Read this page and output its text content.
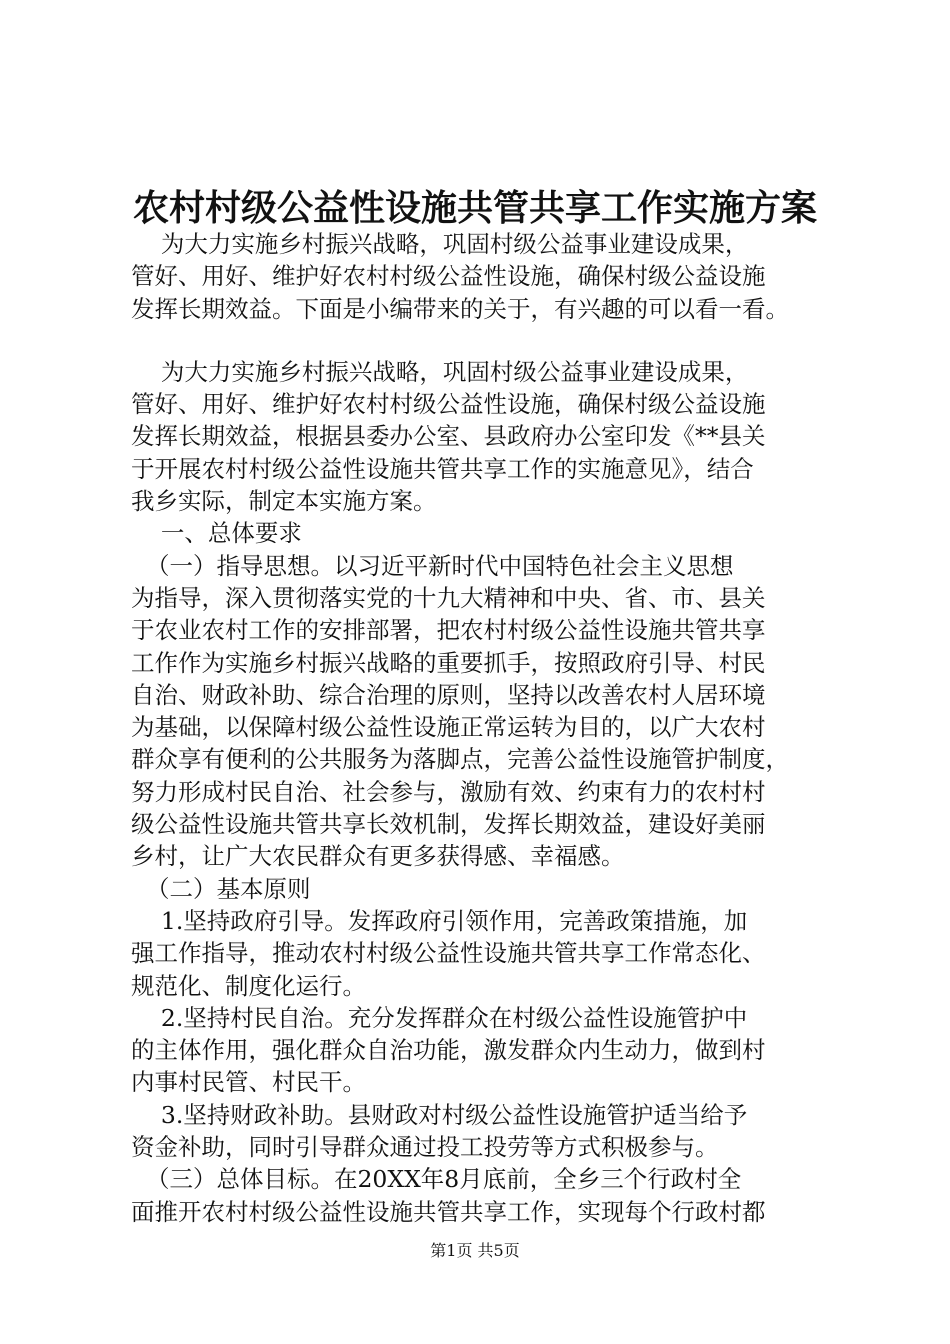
农村村级公益性设施共管共享工作实施方案
为大力实施乡村振兴战略，巩固村级公益事业建设成果，
管好、用好、维护好农村村级公益性设施，确保村级公益设施
发挥长期效益。下面是小编带来的关于，有兴趣的可以看一看。
为大力实施乡村振兴战略，巩固村级公益事业建设成果，
管好、用好、维护好农村村级公益性设施，确保村级公益设施
发挥长期效益，根据县委办公室、县政府办公室印发《**县关
于开展农村村级公益性设施共管共享工作的实施意见》，结合
我乡实际，制定本实施方案。
一、总体要求
（一）指导思想。以习近平新时代中国特色社会主义思想
为指导，深入贯彻落实党的十九大精神和中央、省、市、县关
于农业农村工作的安排部署，把农村村级公益性设施共管共享
工作作为实施乡村振兴战略的重要抓手，按照政府引导、村民
自治、财政补助、综合治理的原则，坚持以改善农村人居环境
为基础，以保障村级公益性设施正常运转为目的，以广大农村
群众享有便利的公共服务为落脚点，完善公益性设施管护制度，
努力形成村民自治、社会参与，激励有效、约束有力的农村村
级公益性设施共管共享长效机制，发挥长期效益，建设好美丽
乡村，让广大农民群众有更多获得感、幸福感。
（二）基本原则
1.坚持政府引导。发挥政府引领作用，完善政策措施，加
强工作指导，推动农村村级公益性设施共管共享工作常态化、
规范化、制度化运行。
2.坚持村民自治。充分发挥群众在村级公益性设施管护中
的主体作用，强化群众自治功能，激发群众内生动力，做到村
内事村民管、村民干。
3.坚持财政补助。县财政对村级公益性设施管护适当给予
资金补助，同时引导群众通过投工投劳等方式积极参与。
（三）总体目标。在20XX年8月底前，全乡三个行政村全
面推开农村村级公益性设施共管共享工作，实现每个行政村都
第1页 共5页
